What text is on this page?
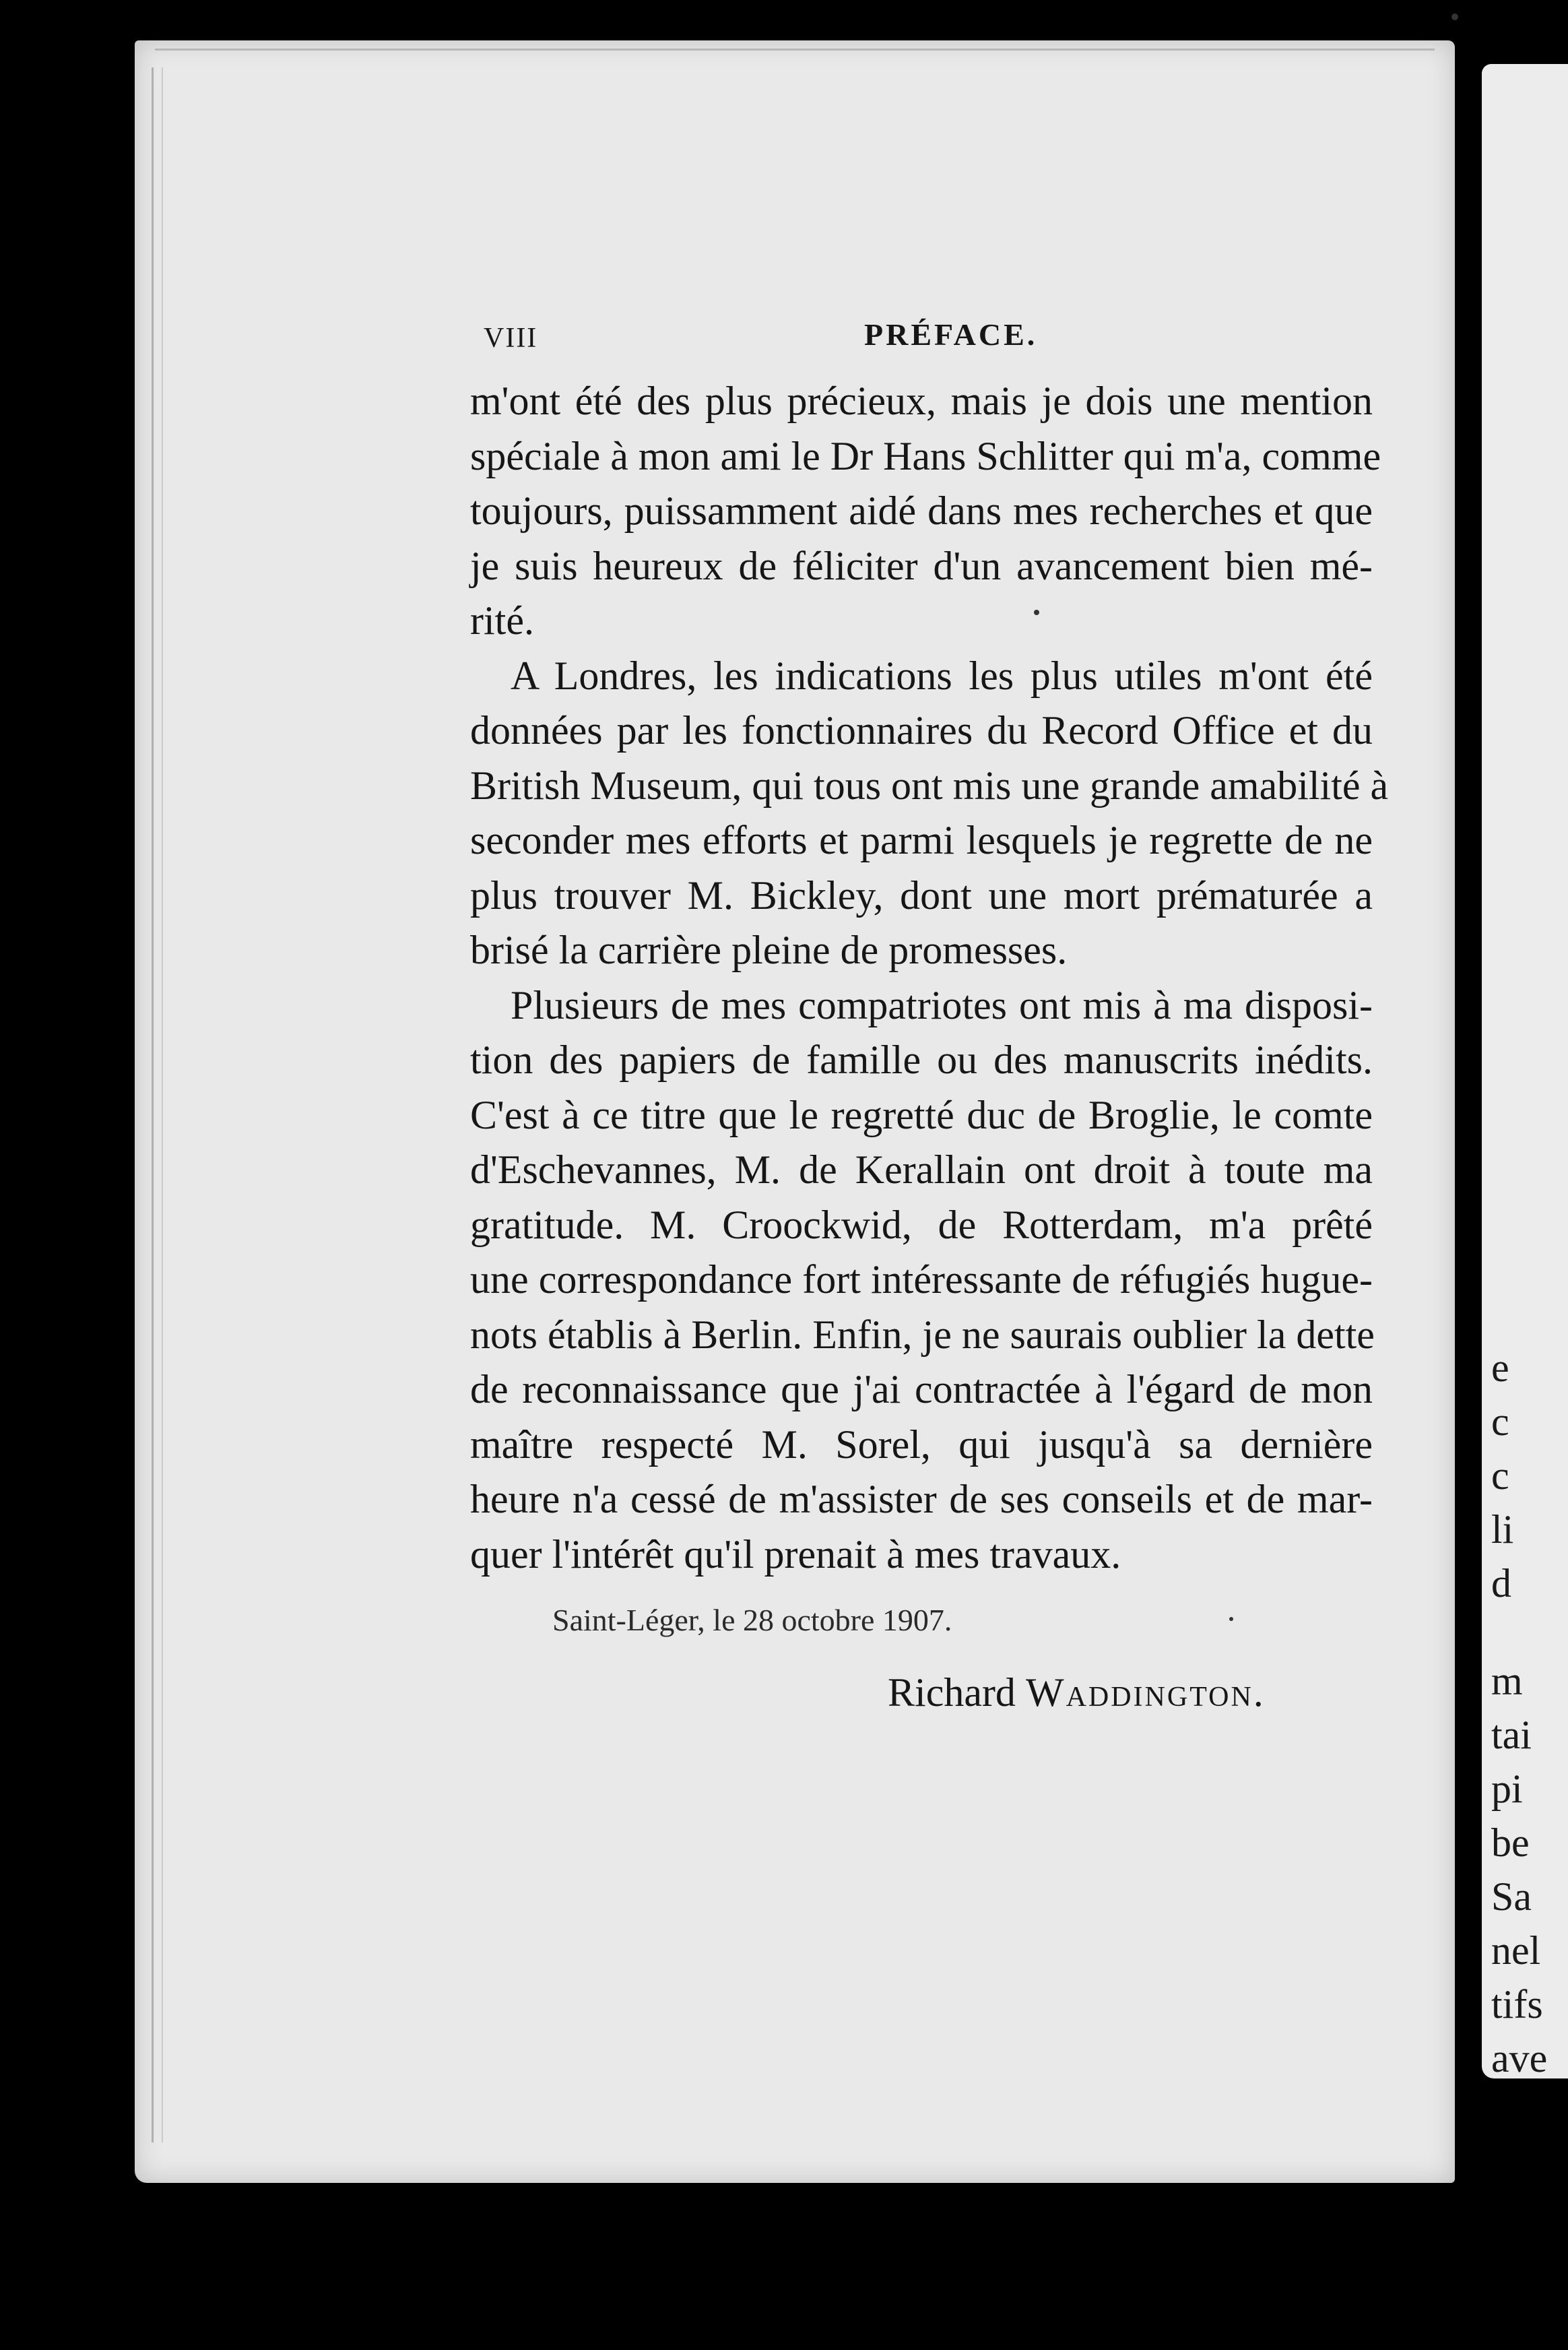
e
c
c
li
d
m
tai
pi
be
Sa
nel
tifs
ave
VIII	PRÉFACE.
m'ont été des plus précieux, mais je dois une mention
spéciale à mon ami le Dr Hans Schlitter qui m'a, comme
toujours, puissamment aidé dans mes recherches et que
je suis heureux de féliciter d'un avancement bien mé-
rité.
A Londres, les indications les plus utiles m'ont été
données par les fonctionnaires du Record Office et du
British Museum, qui tous ont mis une grande amabilité à
seconder mes efforts et parmi lesquels je regrette de ne
plus trouver M. Bickley, dont une mort prématurée a
brisé la carrière pleine de promesses.
Plusieurs de mes compatriotes ont mis à ma disposi-
tion des papiers de famille ou des manuscrits inédits.
C'est à ce titre que le regretté duc de Broglie, le comte
d'Eschevannes, M. de Kerallain ont droit à toute ma
gratitude. M. Croockwid, de Rotterdam, m'a prêté
une correspondance fort intéressante de réfugiés hugue-
nots établis à Berlin. Enfin, je ne saurais oublier la dette
de reconnaissance que j'ai contractée à l'égard de mon
maître respecté M. Sorel, qui jusqu'à sa dernière
heure n'a cessé de m'assister de ses conseils et de mar-
quer l'intérêt qu'il prenait à mes travaux.
Saint-Léger, le 28 octobre 1907.
Richard Waddington.
